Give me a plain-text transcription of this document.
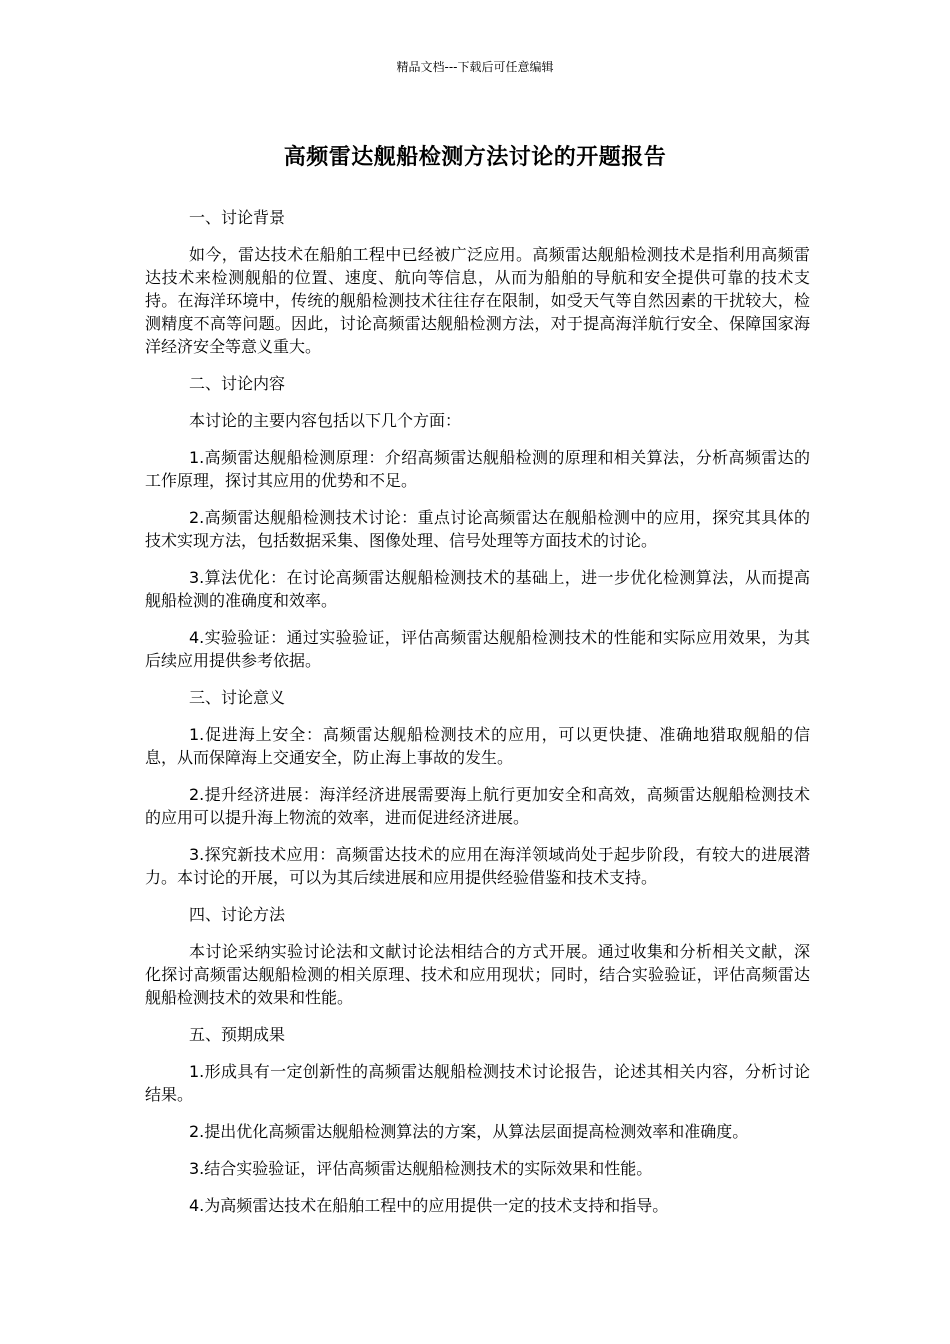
精品文档---下载后可任意编辑
高频雷达舰船检测方法讨论的开题报告
一、讨论背景

如今，雷达技术在船舶工程中已经被广泛应用。高频雷达舰船检测技术是指利用高频雷达技术来检测舰船的位置、速度、航向等信息，从而为船舶的导航和安全提供可靠的技术支持。在海洋环境中，传统的舰船检测技术往往存在限制，如受天气等自然因素的干扰较大，检测精度不高等问题。因此，讨论高频雷达舰船检测方法，对于提高海洋航行安全、保障国家海洋经济安全等意义重大。

二、讨论内容

本讨论的主要内容包括以下几个方面：

1.高频雷达舰船检测原理：介绍高频雷达舰船检测的原理和相关算法，分析高频雷达的工作原理，探讨其应用的优势和不足。

2.高频雷达舰船检测技术讨论：重点讨论高频雷达在舰船检测中的应用，探究其具体的技术实现方法，包括数据采集、图像处理、信号处理等方面技术的讨论。

3.算法优化：在讨论高频雷达舰船检测技术的基础上，进一步优化检测算法，从而提高舰船检测的准确度和效率。

4.实验验证：通过实验验证，评估高频雷达舰船检测技术的性能和实际应用效果，为其后续应用提供参考依据。

三、讨论意义

1.促进海上安全：高频雷达舰船检测技术的应用，可以更快捷、准确地猎取舰船的信息，从而保障海上交通安全，防止海上事故的发生。

2.提升经济进展：海洋经济进展需要海上航行更加安全和高效，高频雷达舰船检测技术的应用可以提升海上物流的效率，进而促进经济进展。

3.探究新技术应用：高频雷达技术的应用在海洋领域尚处于起步阶段，有较大的进展潜力。本讨论的开展，可以为其后续进展和应用提供经验借鉴和技术支持。

四、讨论方法

本讨论采纳实验讨论法和文献讨论法相结合的方式开展。通过收集和分析相关文献，深化探讨高频雷达舰船检测的相关原理、技术和应用现状；同时，结合实验验证，评估高频雷达舰船检测技术的效果和性能。

五、预期成果

1.形成具有一定创新性的高频雷达舰船检测技术讨论报告，论述其相关内容，分析讨论结果。

2.提出优化高频雷达舰船检测算法的方案，从算法层面提高检测效率和准确度。

3.结合实验验证，评估高频雷达舰船检测技术的实际效果和性能。

4.为高频雷达技术在船舶工程中的应用提供一定的技术支持和指导。
